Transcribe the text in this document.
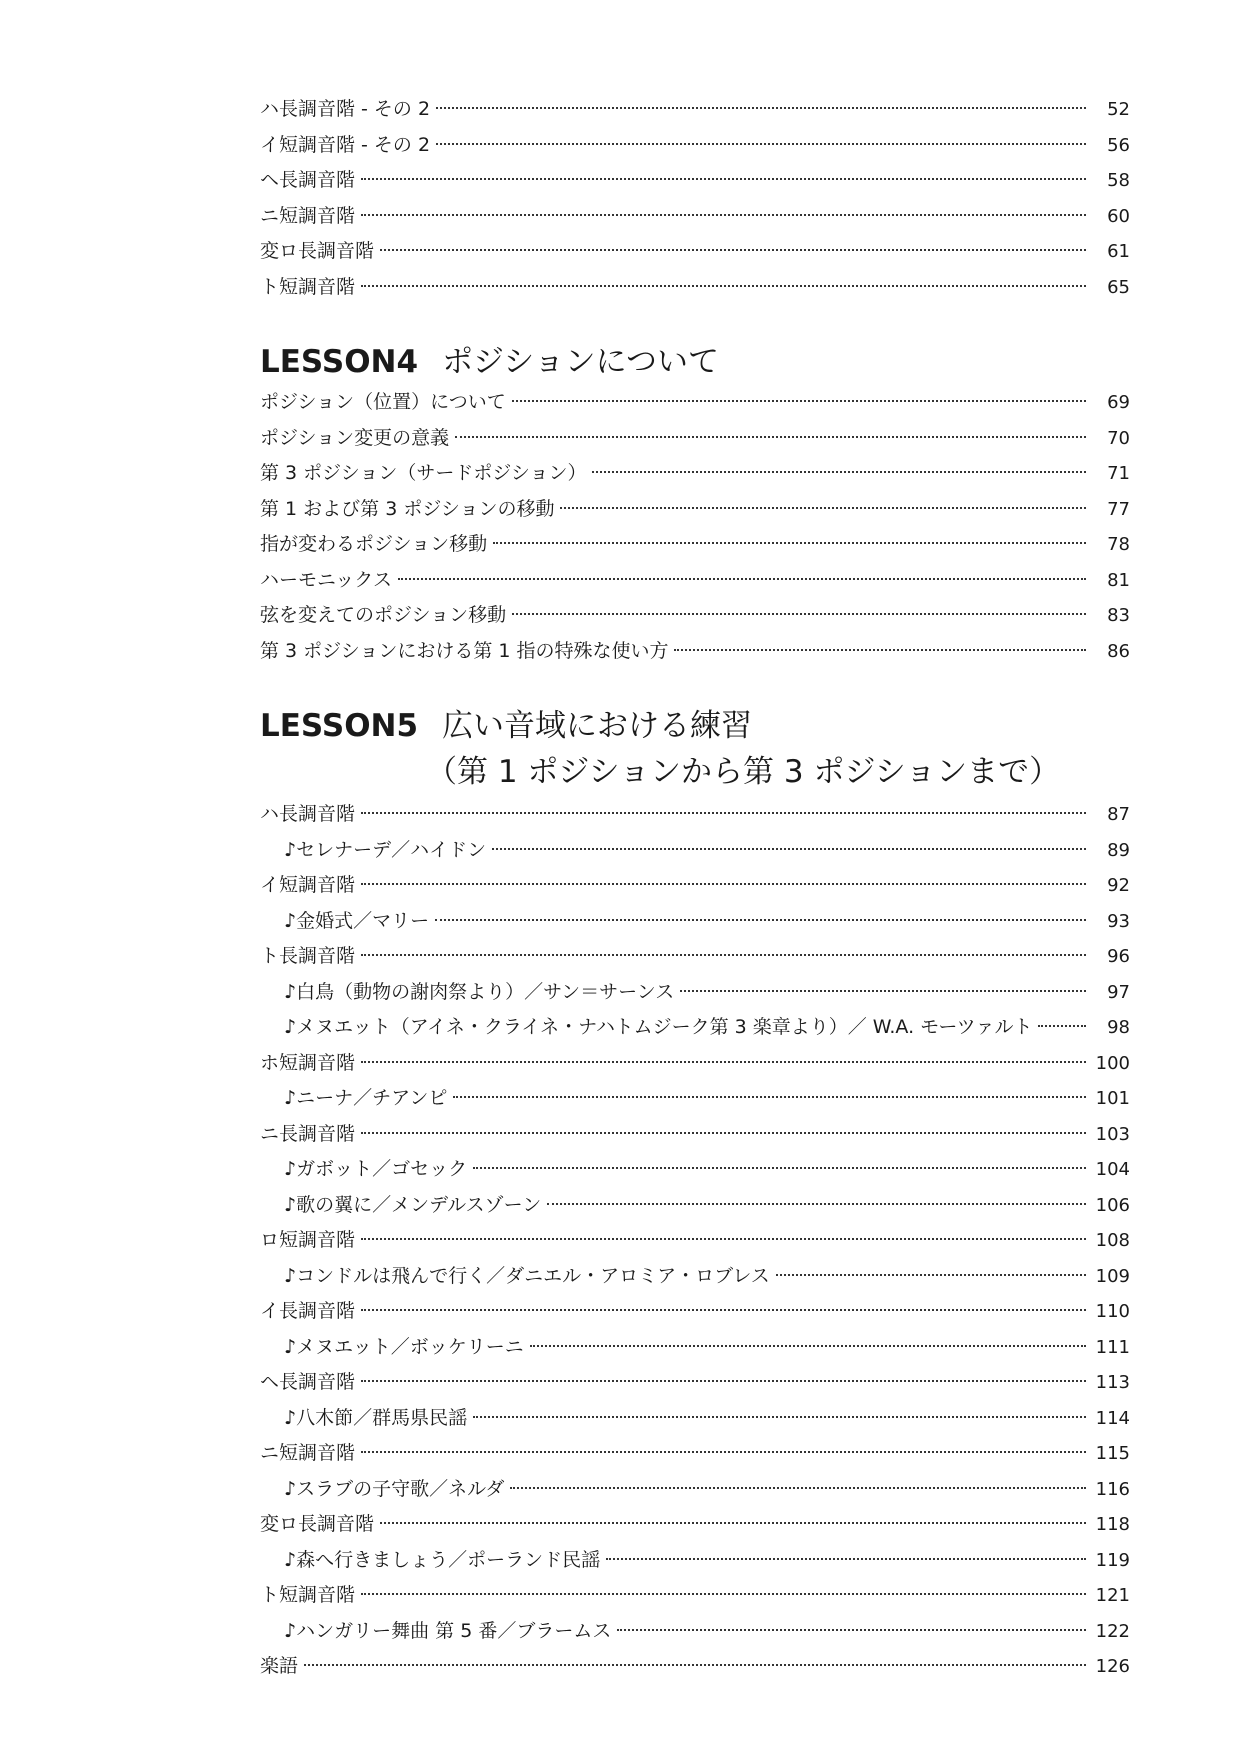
ハ長調音階 - その 2	52
イ短調音階 - その 2	56
ヘ長調音階	58
ニ短調音階	60
変ロ長調音階	61
ト短調音階	65
LESSON4 ポジションについて
ポジション（位置）について	69
ポジション変更の意義	70
第 3 ポジション（サードポジション）	71
第 1 および第 3 ポジションの移動	77
指が変わるポジション移動	78
ハーモニックス	81
弦を変えてのポジション移動	83
第 3 ポジションにおける第 1 指の特殊な使い方	86
LESSON5 広い音域における練習
（第 1 ポジションから第 3 ポジションまで）
ハ長調音階	87
♪セレナーデ／ハイドン	89
イ短調音階	92
♪金婚式／マリー	93
ト長調音階	96
♪白鳥（動物の謝肉祭より）／サン＝サーンス	97
♪メヌエット（アイネ・クライネ・ナハトムジーク第 3 楽章より）／ W.A. モーツァルト	98
ホ短調音階	100
♪ニーナ／チアンピ	101
ニ長調音階	103
♪ガボット／ゴセック	104
♪歌の翼に／メンデルスゾーン	106
ロ短調音階	108
♪コンドルは飛んで行く／ダニエル・アロミア・ロブレス	109
イ長調音階	110
♪メヌエット／ボッケリーニ	111
ヘ長調音階	113
♪八木節／群馬県民謡	114
ニ短調音階	115
♪スラブの子守歌／ネルダ	116
変ロ長調音階	118
♪森へ行きましょう／ポーランド民謡	119
ト短調音階	121
♪ハンガリー舞曲 第 5 番／ブラームス	122
楽語	126
